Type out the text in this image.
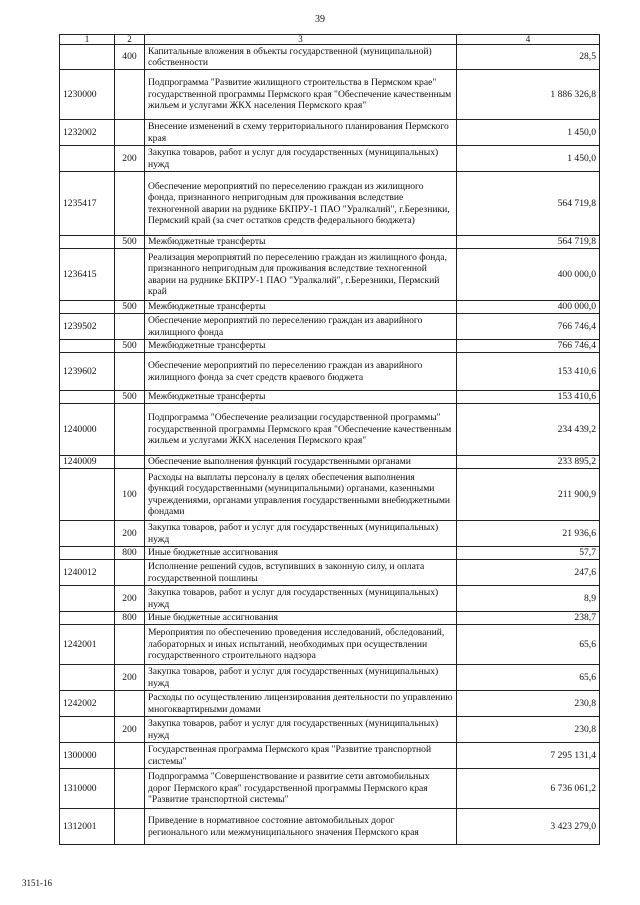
39
1	2	3	4
	400	Капитальные вложения в объекты государственной (муниципальной) собственности	28,5
1230000		Подпрограмма "Развитие жилищного строительства в Пермском крае" государственной программы Пермского края "Обеспечение качественным жильем и услугами ЖКХ населения Пермского края"	1 886 326,8
1232002		Внесение изменений в схему территориального планирования Пермского края	1 450,0
	200	Закупка товаров, работ и услуг для государственных (муниципальных) нужд	1 450,0
1235417		Обеспечение мероприятий по переселению граждан из жилищного фонда, признанного непригодным для проживания вследствие техногенной аварии на руднике БКПРУ-1 ПАО "Уралкалий", г.Березники, Пермский край (за счет остатков средств федерального бюджета)	564 719,8
	500	Межбюджетные трансферты	564 719,8
1236415		Реализация мероприятий по переселению граждан из жилищного фонда, признанного непригодным для проживания вследствие техногенной аварии на руднике БКПРУ-1 ПАО "Уралкалий", г.Березники, Пермский край	400 000,0
	500	Межбюджетные трансферты	400 000,0
1239502		Обеспечение мероприятий по переселению граждан из аварийного жилищного фонда	766 746,4
	500	Межбюджетные трансферты	766 746,4
1239602		Обеспечение мероприятий по переселению граждан из аварийного жилищного фонда за счет средств краевого бюджета	153 410,6
	500	Межбюджетные трансферты	153 410,6
1240000		Подпрограмма "Обеспечение реализации государственной программы" государственной программы Пермского края "Обеспечение качественным жильем и услугами ЖКХ населения Пермского края"	234 439,2
1240009		Обеспечение выполнения функций государственными органами	233 895,2
	100	Расходы на выплаты персоналу в целях обеспечения выполнения функций государственными (муниципальными) органами, казенными учреждениями, органами управления государственными внебюджетными фондами	211 900,9
	200	Закупка товаров, работ и услуг для государственных (муниципальных) нужд	21 936,6
	800	Иные бюджетные ассигнования	57,7
1240012		Исполнение решений судов, вступивших в законную силу, и оплата государственной пошлины	247,6
	200	Закупка товаров, работ и услуг для государственных (муниципальных) нужд	8,9
	800	Иные бюджетные ассигнования	238,7
1242001		Мероприятия по обеспечению проведения исследований, обследований, лабораторных и иных испытаний, необходимых при осуществлении государственного строительного надзора	65,6
	200	Закупка товаров, работ и услуг для государственных (муниципальных) нужд	65,6
1242002		Расходы по осуществлению лицензирования деятельности по управлению многоквартирными домами	230,8
	200	Закупка товаров, работ и услуг для государственных (муниципальных) нужд	230,8
1300000		Государственная программа Пермского края "Развитие транспортной системы"	7 295 131,4
1310000		Подпрограмма "Совершенствование и развитие сети автомобильных дорог Пермского края" государственной программы Пермского края "Развитие транспортной системы"	6 736 061,2
1312001		Приведение в нормативное состояние автомобильных дорог регионального или межмуниципального значения Пермского края	3 423 279,0
3151-16
